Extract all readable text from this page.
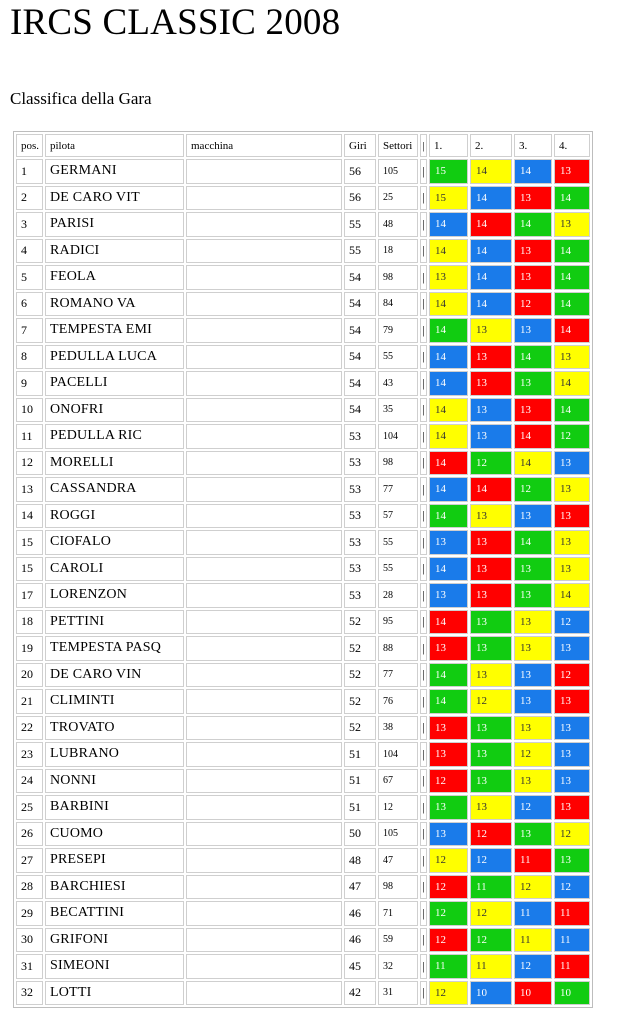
IRCS CLASSIC 2008
Classifica della Gara
pos.	pilota	macchina	Giri	Settori	|	1.	2.	3.	4.
1	GERMANI		56	105	|	15	14	14	13
2	DE CARO VIT		56	25	|	15	14	13	14
3	PARISI		55	48	|	14	14	14	13
4	RADICI		55	18	|	14	14	13	14
5	FEOLA		54	98	|	13	14	13	14
6	ROMANO VA		54	84	|	14	14	12	14
7	TEMPESTA EMI		54	79	|	14	13	13	14
8	PEDULLA LUCA		54	55	|	14	13	14	13
9	PACELLI		54	43	|	14	13	13	14
10	ONOFRI		54	35	|	14	13	13	14
11	PEDULLA RIC		53	104	|	14	13	14	12
12	MORELLI		53	98	|	14	12	14	13
13	CASSANDRA		53	77	|	14	14	12	13
14	ROGGI		53	57	|	14	13	13	13
15	CIOFALO		53	55	|	13	13	14	13
15	CAROLI		53	55	|	14	13	13	13
17	LORENZON		53	28	|	13	13	13	14
18	PETTINI		52	95	|	14	13	13	12
19	TEMPESTA PASQ		52	88	|	13	13	13	13
20	DE CARO VIN		52	77	|	14	13	13	12
21	CLIMINTI		52	76	|	14	12	13	13
22	TROVATO		52	38	|	13	13	13	13
23	LUBRANO		51	104	|	13	13	12	13
24	NONNI		51	67	|	12	13	13	13
25	BARBINI		51	12	|	13	13	12	13
26	CUOMO		50	105	|	13	12	13	12
27	PRESEPI		48	47	|	12	12	11	13
28	BARCHIESI		47	98	|	12	11	12	12
29	BECATTINI		46	71	|	12	12	11	11
30	GRIFONI		46	59	|	12	12	11	11
31	SIMEONI		45	32	|	11	11	12	11
32	LOTTI		42	31	|	12	10	10	10
